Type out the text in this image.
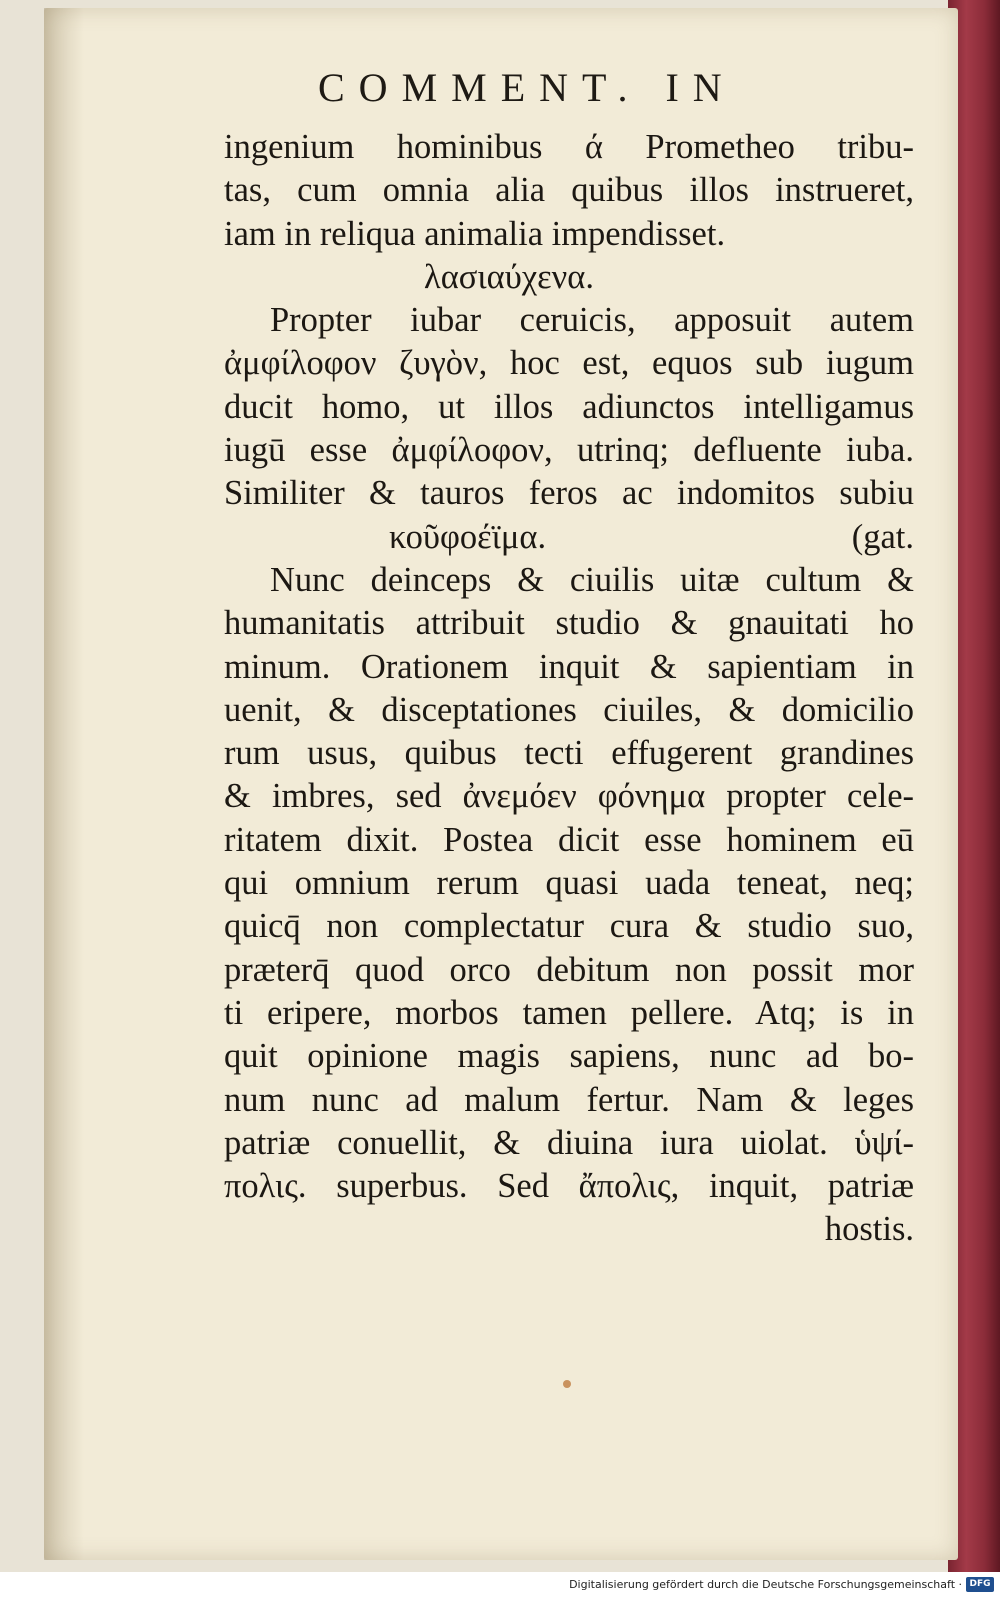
COMMENT. IN
ingenium hominibus ά Prometheo tribu-
tas, cum omnia alia quibus illos instrueret,
iam in reliqua animalia impendisset.
λασιαύχενα.
Propter iubar ceruicis, apposuit autem
ἀμφίλοφον ζυγὸν, hoc est, equos sub iugum
ducit homo, ut illos adiunctos intelligamus
iugū esse ἀμφίλοφον, utrinq; defluente iuba.
Similiter & tauros feros ac indomitos subiu
κοῦφοέϊμα.	(gat.
Nunc deinceps & ciuilis uitæ cultum &
humanitatis attribuit studio & gnauitati ho
minum. Orationem inquit & sapientiam in
uenit, & disceptationes ciuiles, & domicilio
rum usus, quibus tecti effugerent grandines
& imbres, sed ἀνεμόεν φόνημα propter cele-
ritatem dixit. Postea dicit esse hominem eū
qui omnium rerum quasi uada teneat, neq;
quicq̄ non complectatur cura & studio suo,
præterq̄ quod orco debitum non possit mor
ti eripere, morbos tamen pellere. Atq; is in
quit opinione magis sapiens, nunc ad bo-
num nunc ad malum fertur. Nam & leges
patriæ conuellit, & diuina iura uiolat. ὑψί-
πολις. superbus. Sed ἄπολις, inquit, patriæ
hostis.
Digitalisierung gefördert durch die Deutsche Forschungsgemeinschaft · DFG
